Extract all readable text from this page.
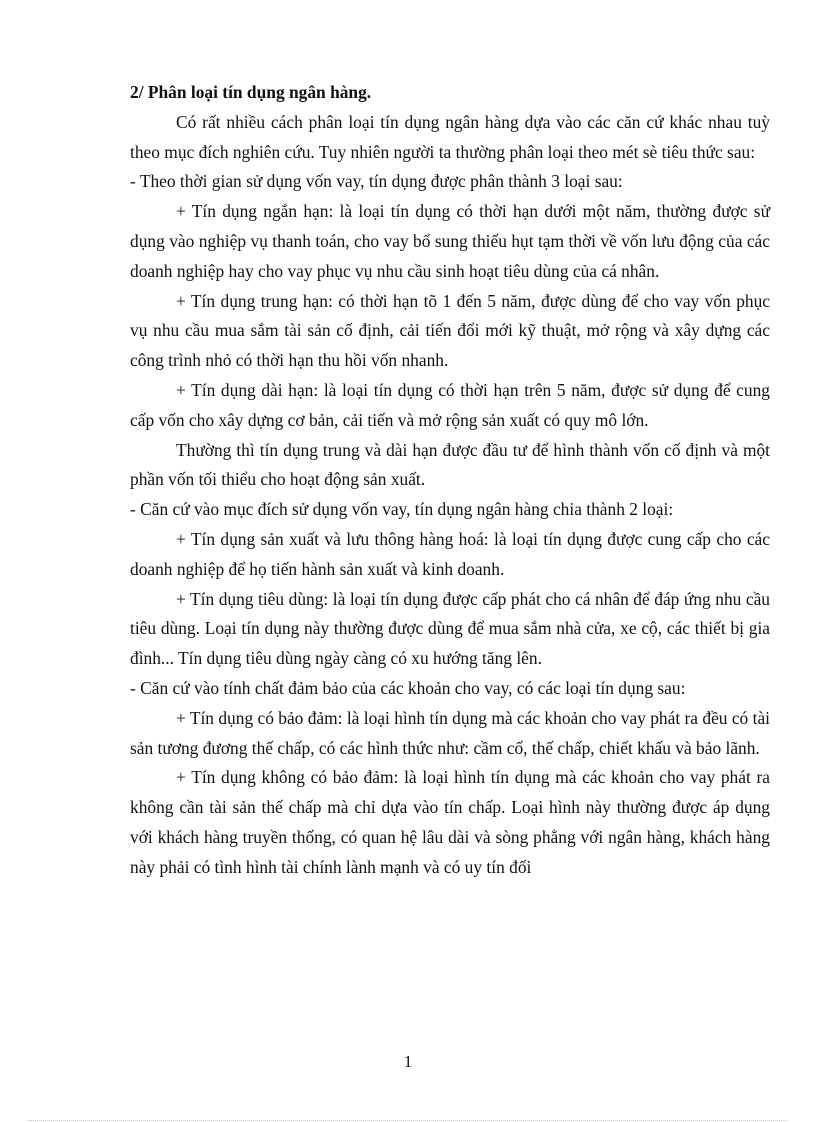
2/ Phân loại tín dụng ngân hàng.

Có rất nhiều cách phân loại tín dụng ngân hàng dựa vào các căn cứ khác nhau tuỳ theo mục đích nghiên cứu. Tuy nhiên người ta thường phân loại theo mét sè tiêu thức sau:

- Theo thời gian sử dụng vốn vay, tín dụng được phân thành 3 loại sau:

+ Tín dụng ngắn hạn: là loại tín dụng có thời hạn dưới một năm, thường được sử dụng vào nghiệp vụ thanh toán, cho vay bổ sung thiếu hụt tạm thời về vốn lưu động của các doanh nghiệp hay cho vay phục vụ nhu cầu sinh hoạt tiêu dùng của cá nhân.

+ Tín dụng trung hạn: có thời hạn tõ 1 đến 5 năm, được dùng để cho vay vốn phục vụ nhu cầu mua sắm tài sản cố định, cải tiến đổi mới kỹ thuật, mở rộng và xây dựng các công trình nhỏ có thời hạn thu hồi vốn nhanh.

+ Tín dụng dài hạn: là loại tín dụng có thời hạn trên 5 năm, được sử dụng để cung cấp vốn cho xây dựng cơ bản, cải tiến và mở rộng sản xuất có quy mô lớn.

Thường thì tín dụng trung và dài hạn được đầu tư để hình thành vốn cố định và một phần vốn tối thiểu cho hoạt động sản xuất.

- Căn cứ vào mục đích sử dụng vốn vay, tín dụng ngân hàng chia thành 2 loại:

+ Tín dụng sản xuất và lưu thông hàng hoá: là loại tín dụng được cung cấp cho các doanh nghiệp để họ tiến hành sản xuất và kinh doanh.

+ Tín dụng tiêu dùng: là loại tín dụng được cấp phát cho cá nhân để đáp ứng nhu cầu tiêu dùng. Loại tín dụng này thường được dùng để mua sắm nhà cửa, xe cộ, các thiết bị gia đình... Tín dụng tiêu dùng ngày càng có xu hướng tăng lên.

- Căn cứ vào tính chất đảm bảo của các khoản cho vay, có các loại tín dụng sau:

+ Tín dụng có bảo đảm: là loại hình tín dụng mà các khoản cho vay phát ra đều có tài sản tương đương thế chấp, có các hình thức như: cầm cố, thế chấp, chiết khấu và bảo lãnh.

+ Tín dụng không có bảo đảm: là loại hình tín dụng mà các khoản cho vay phát ra không cần tài sản thế chấp mà chỉ dựa vào tín chấp. Loại hình này thường được áp dụng với khách hàng truyền thống, có quan hệ lâu dài và sòng phẳng với ngân hàng, khách hàng này phải có tình hình tài chính lành mạnh và có uy tín đối

1
